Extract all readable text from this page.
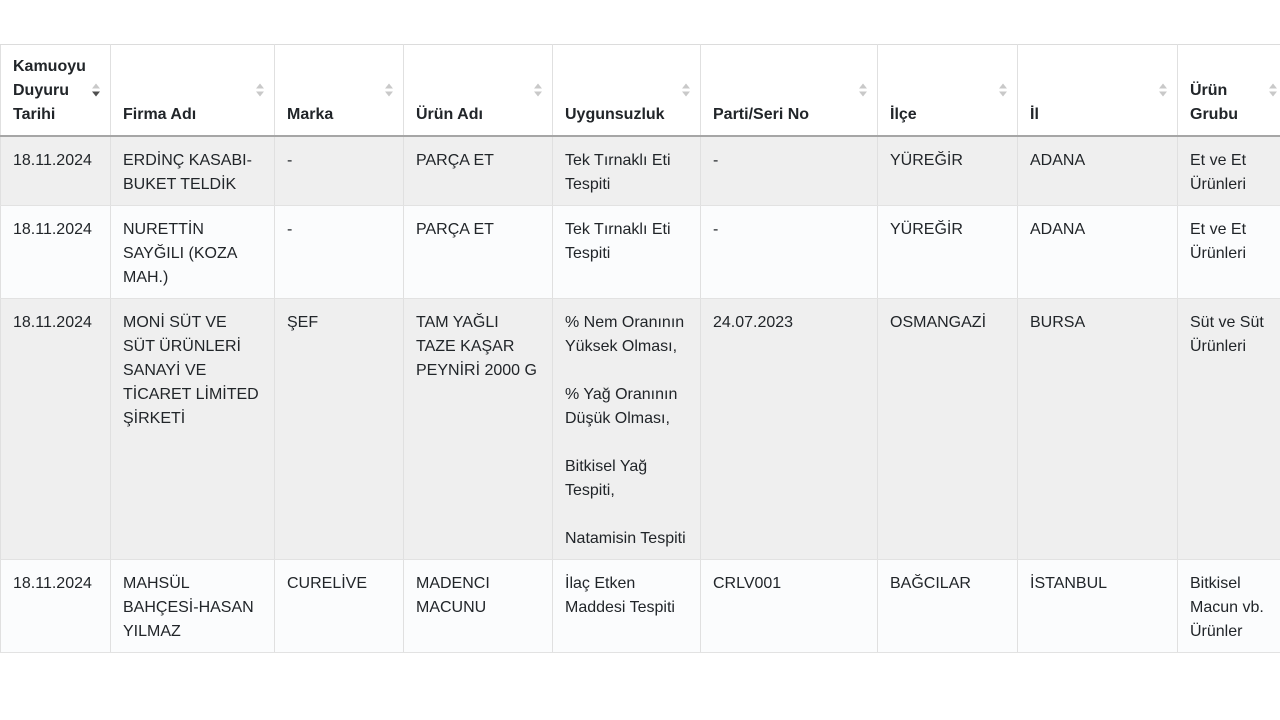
Kamuoyu Duyuru Tarihi	Firma Adı	Marka	Ürün Adı	Uygunsuzluk	Parti/Seri No	İlçe	İl	Ürün Grubu

18.11.2024	ERDİNÇ KASABI-BUKET TELDİK	-	PARÇA ET	Tek Tırnaklı Eti Tespiti	-	YÜREĞİR	ADANA	Et ve Et Ürünleri
18.11.2024	NURETTİN SAYĞILI (KOZA MAH.)	-	PARÇA ET	Tek Tırnaklı Eti Tespiti	-	YÜREĞİR	ADANA	Et ve Et Ürünleri
18.11.2024	MONİ SÜT VE SÜT ÜRÜNLERİ SANAYİ VE TİCARET LİMİTED ŞİRKETİ	ŞEF	TAM YAĞLI TAZE KAŞAR PEYNİRİ 2000 G	% Nem Oranının Yüksek Olması,
% Yağ Oranının Düşük Olması,
Bitkisel Yağ Tespiti,
Natamisin Tespiti	24.07.2023	OSMANGAZİ	BURSA	Süt ve Süt Ürünleri
18.11.2024	MAHSÜL BAHÇESİ-HASAN YILMAZ	CURELİVE	MADENCI MACUNU	İlaç Etken Maddesi Tespiti	CRLV001	BAĞCILAR	İSTANBUL	Bitkisel Macun vb. Ürünler
